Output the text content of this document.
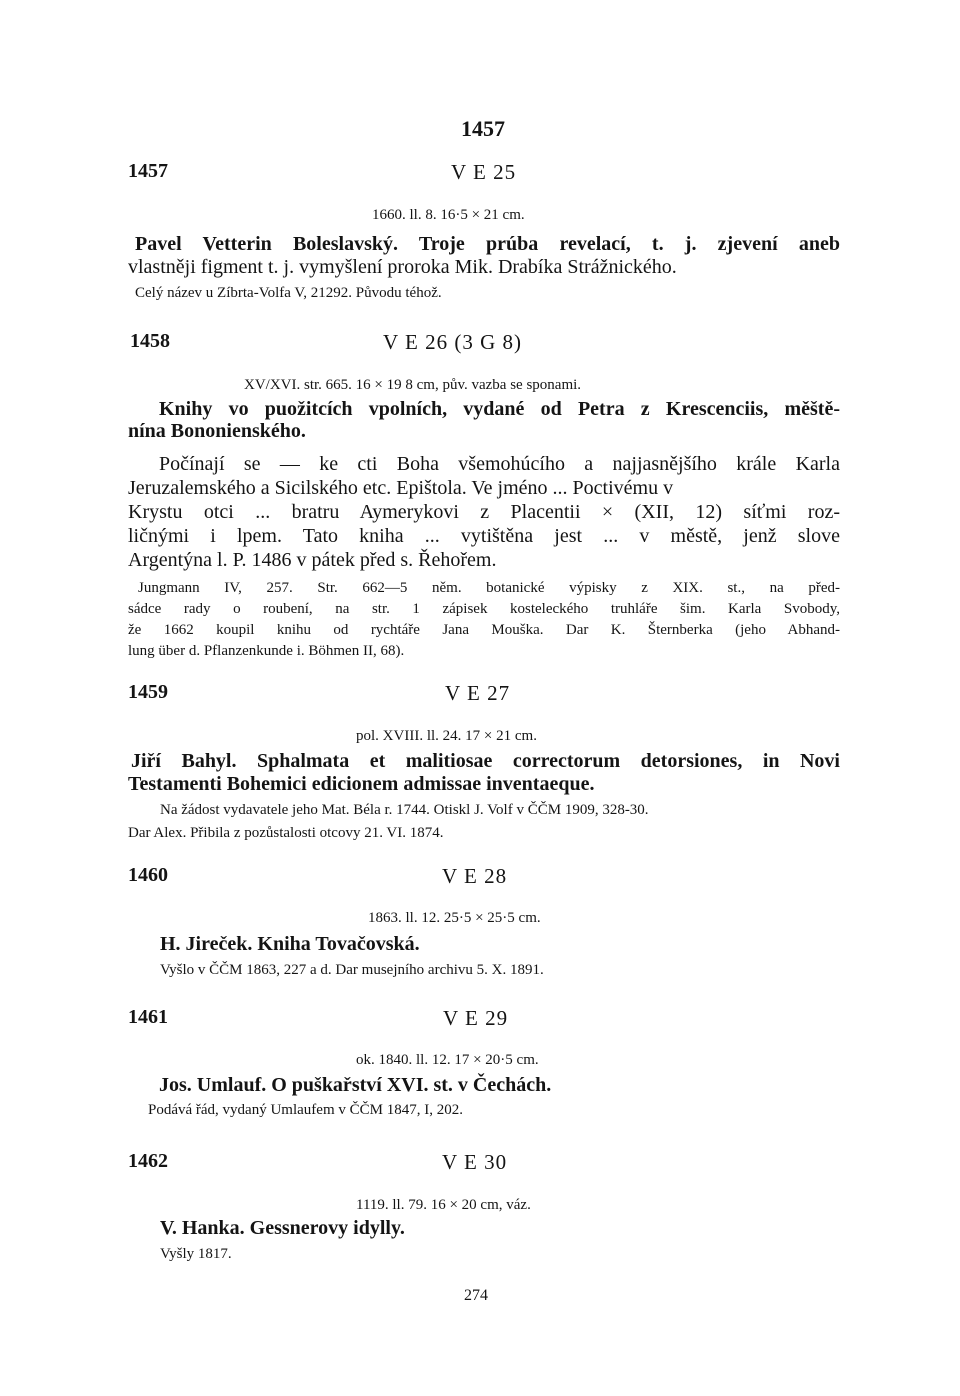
1457
1457	V E 25
1660. ll. 8. 16·5 × 21 cm.
Pavel Vetterin Boleslavský. Troje prúba revelací, t. j. zjevení aneb
vlastněji figment t. j. vymyšlení proroka Mik. Drabíka Strážnického.
Celý název u Zíbrta-Volfa V, 21292. Původu téhož.
1458	V E 26 (3 G 8)
XV/XVI. str. 665. 16 × 19 8 cm, pův. vazba se sponami.
Knihy vo puožitcích vpolních, vydané od Petra z Krescenciis, měště-
nína Bononienského.
Počínají se — ke cti Boha všemohúcího a najjasnějšího krále Karla
Jeruzalemského a Sicilského etc. Epištola. Ve jméno ... Poctivému v
Krystu otci ... bratru Aymerykovi z Placentii × (XII, 12) síťmi roz-
ličnými i lpem. Tato kniha ... vytištěna jest ... v městě, jenž slove
Argentýna l. P. 1486 v pátek před s. Řehořem.
Jungmann IV, 257. Str. 662—5 něm. botanické výpisky z XIX. st., na před-
sádce rady o roubení, na str. 1 zápisek kosteleckého truhláře šim. Karla Svobody,
že 1662 koupil knihu od rychtáře Jana Mouška. Dar K. Šternberka (jeho Abhand-
lung über d. Pflanzenkunde i. Böhmen II, 68).
1459	V E 27
pol. XVIII. ll. 24. 17 × 21 cm.
Jiří Bahyl. Sphalmata et malitiosae correctorum detorsiones, in Novi
Testamenti Bohemici edicionem admissae inventaeque.
Na žádost vydavatele jeho Mat. Béla r. 1744. Otiskl J. Volf v ČČM 1909, 328-30.
Dar Alex. Přibila z pozůstalosti otcovy 21. VI. 1874.
1460	V E 28
1863. ll. 12. 25·5 × 25·5 cm.
H. Jireček. Kniha Tovačovská.
Vyšlo v ČČM 1863, 227 a d. Dar musejního archivu 5. X. 1891.
1461	V E 29
ok. 1840. ll. 12. 17 × 20·5 cm.
Jos. Umlauf. O puškařství XVI. st. v Čechách.
Podává řád, vydaný Umlaufem v ČČM 1847, I, 202.
1462	V E 30
1119. ll. 79. 16 × 20 cm, váz.
V. Hanka. Gessnerovy idylly.
Vyšly 1817.
274
